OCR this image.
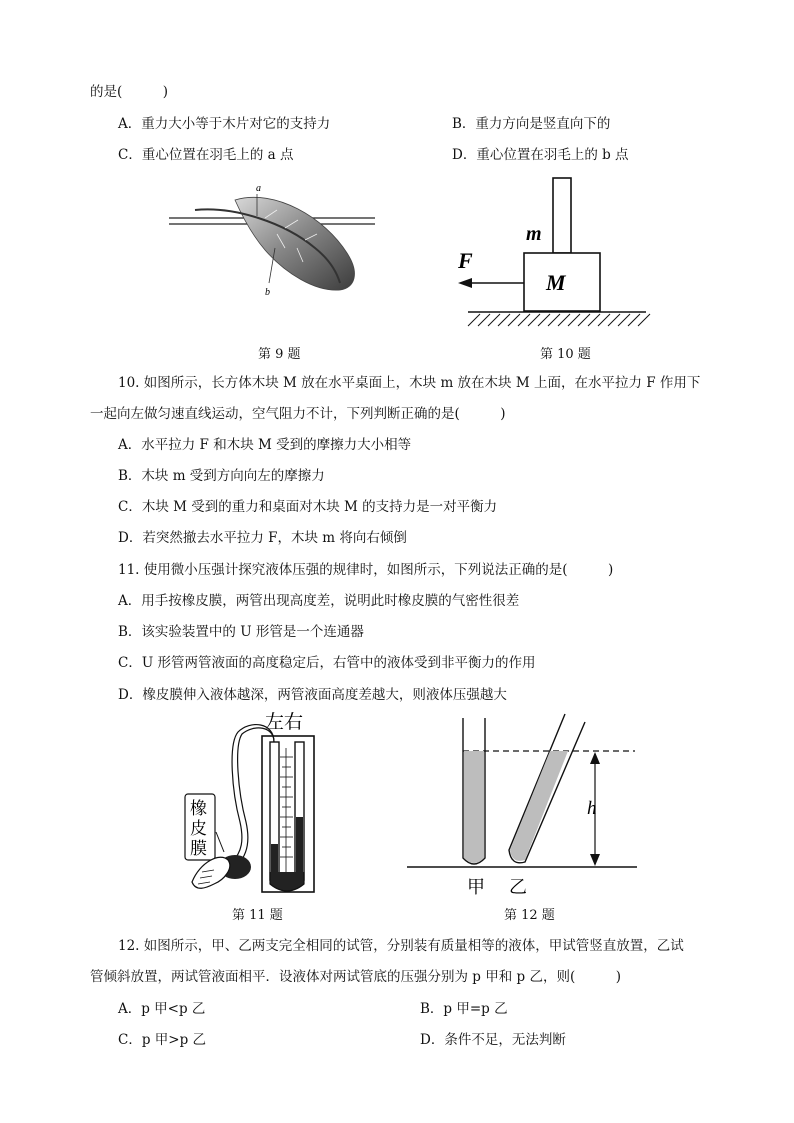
的是(　　　)
A．重力大小等于木片对它的支持力	B．重力方向是竖直向下的
C．重心位置在羽毛上的 a 点	D．重心位置在羽毛上的 b 点
a
b
m
M
F
第 9 题	第 10 题
10. 如图所示，长方体木块 M 放在水平桌面上，木块 m 放在木块 M 上面，在水平拉力 F 作用下
一起向左做匀速直线运动，空气阻力不计，下列判断正确的是(　　　)
A．水平拉力 F 和木块 M 受到的摩擦力大小相等
B．木块 m 受到方向向左的摩擦力
C．木块 M 受到的重力和桌面对木块 M 的支持力是一对平衡力
D．若突然撤去水平拉力 F，木块 m 将向右倾倒
11. 使用微小压强计探究液体压强的规律时，如图所示，下列说法正确的是(　　　)
A．用手按橡皮膜，两管出现高度差，说明此时橡皮膜的气密性很差
B．该实验装置中的 U 形管是一个连通器
C．U 形管两管液面的高度稳定后，右管中的液体受到非平衡力的作用
D．橡皮膜伸入液体越深，两管液面高度差越大，则液体压强越大
左右
橡
皮
膜
h
甲 乙
第 11 题	第 12 题
12. 如图所示，甲、乙两支完全相同的试管，分别装有质量相等的液体，甲试管竖直放置，乙试
管倾斜放置，两试管液面相平．设液体对两试管底的压强分别为 p 甲和 p 乙，则(　　　)
A．p 甲<p 乙	B．p 甲=p 乙
C．p 甲>p 乙	D．条件不足，无法判断
